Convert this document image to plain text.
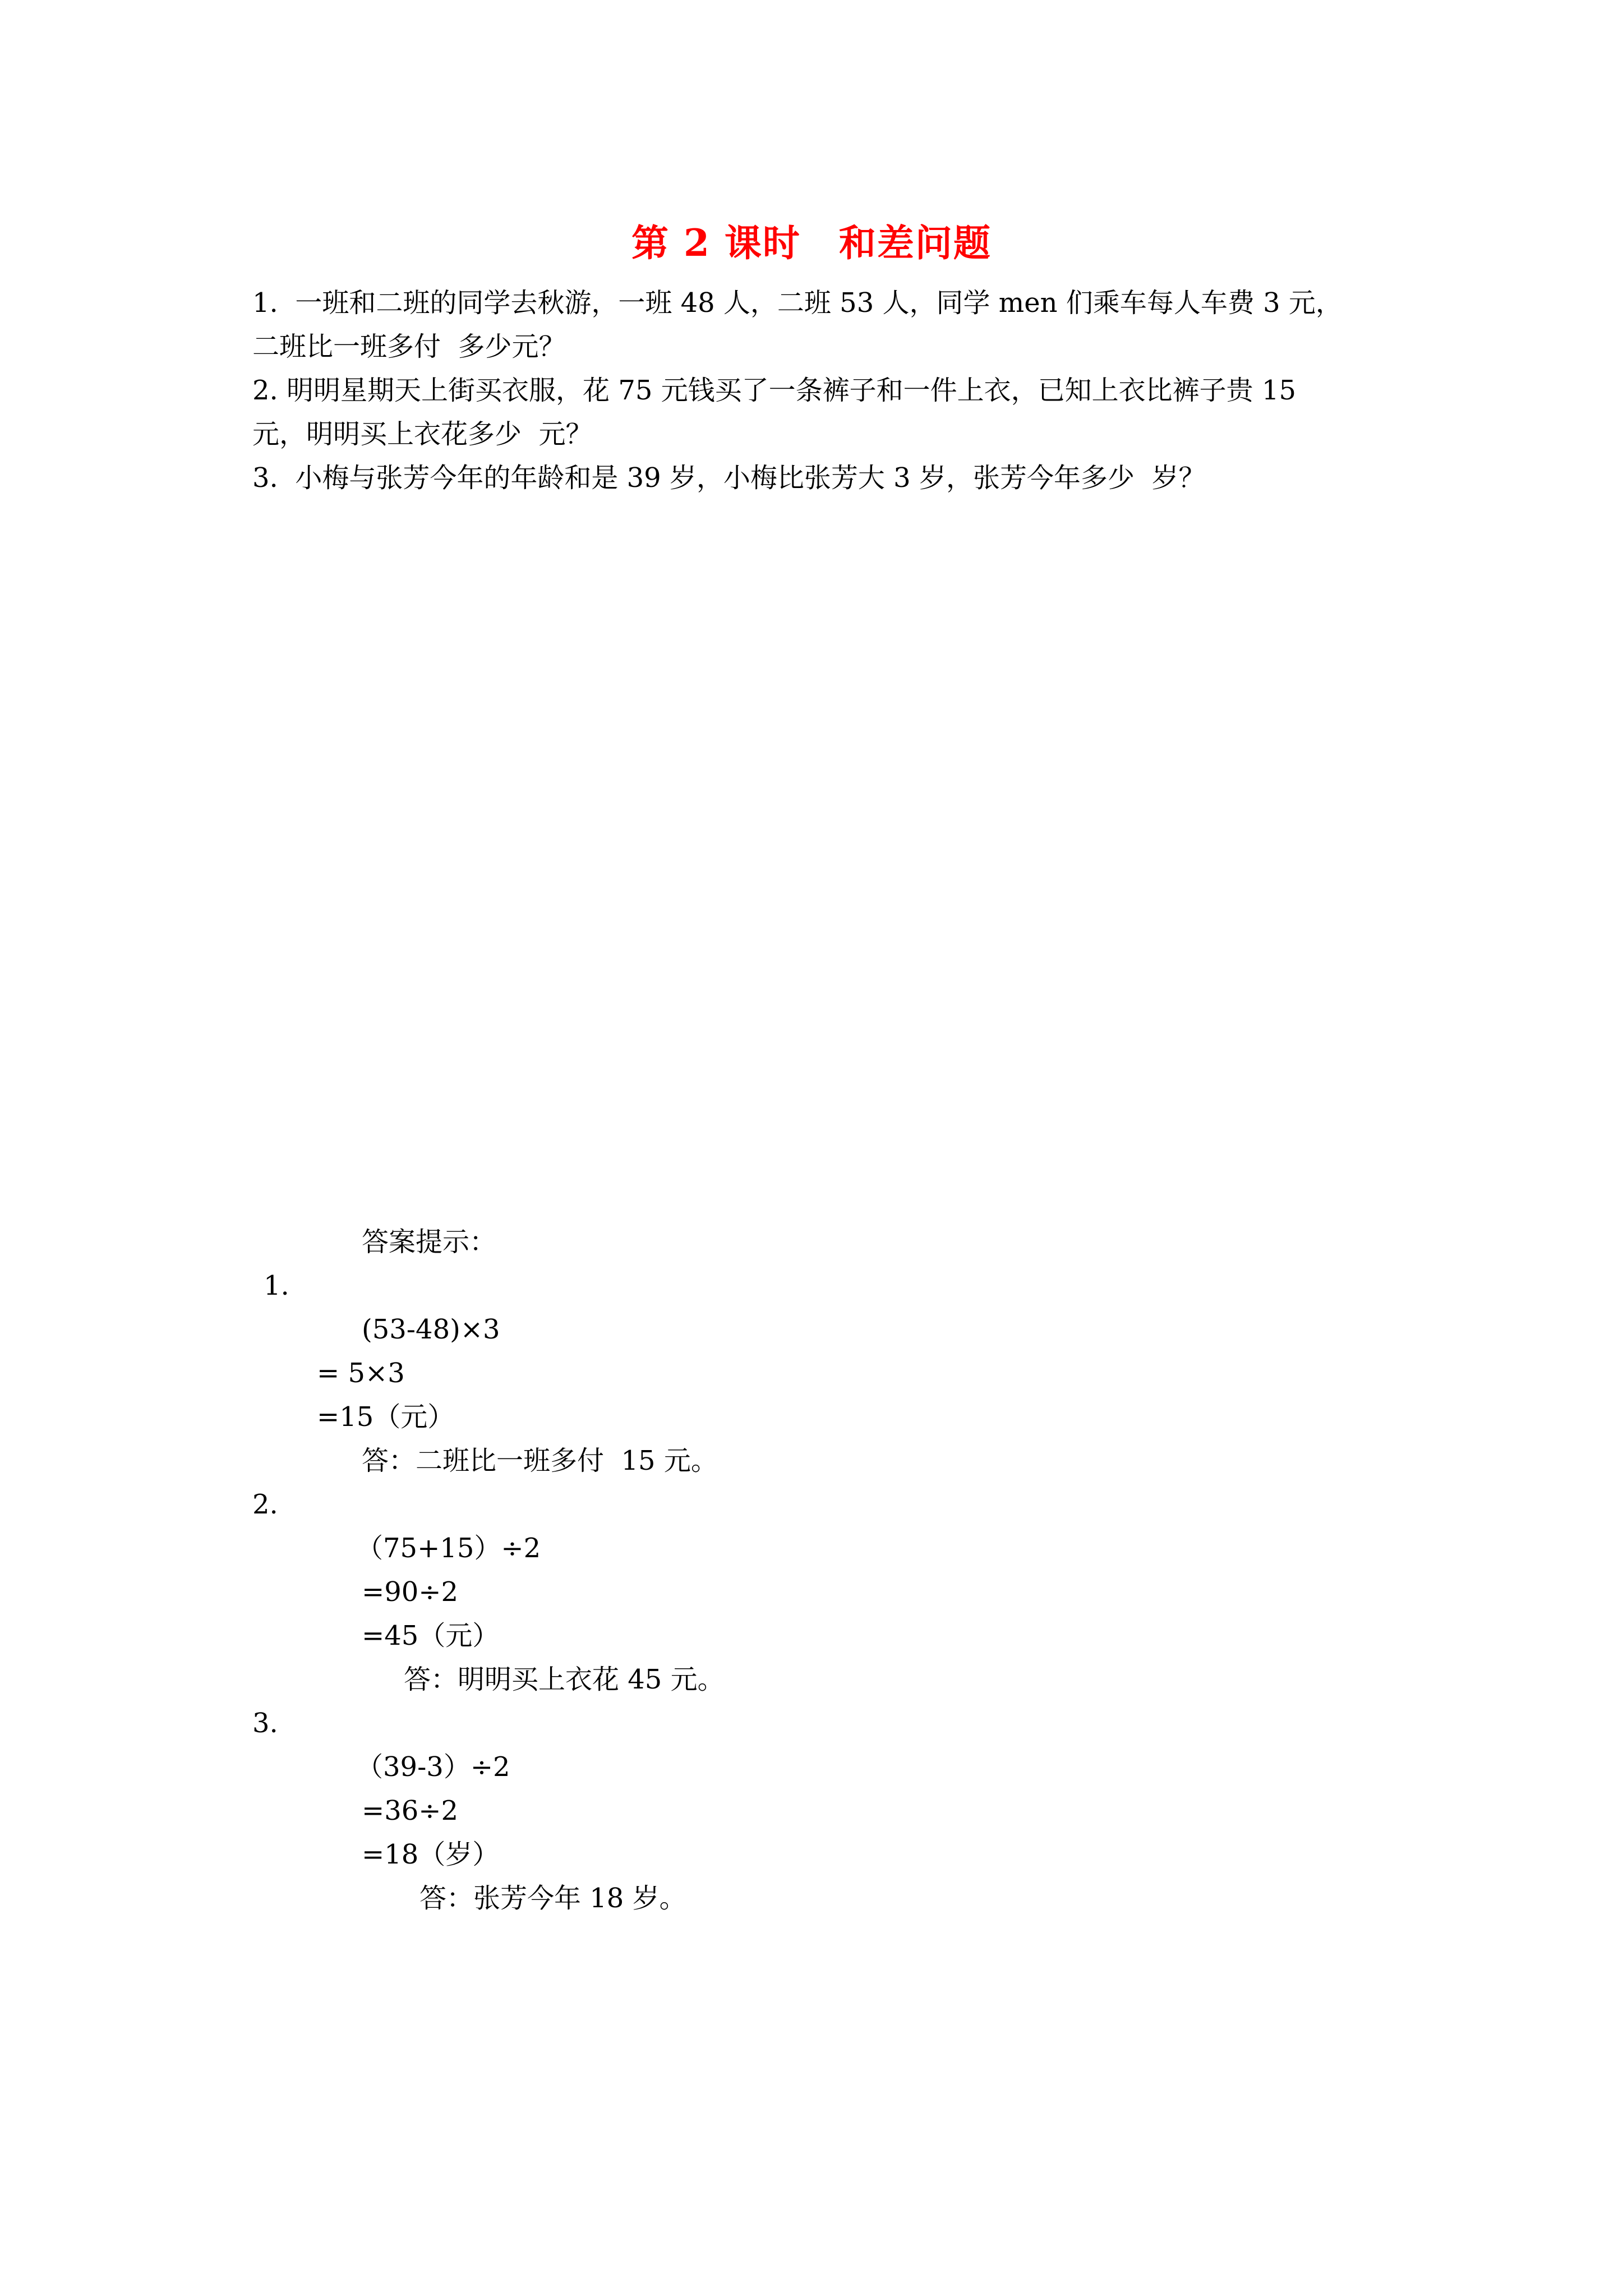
第 2 课时　和差问题
1.  一班和二班的同学去秋游，一班 48 人，二班 53 人，同学 men 们乘车每人车费 3 元，
二班比一班多付  多少元？
2. 明明星期天上街买衣服，花 75 元钱买了一条裤子和一件上衣，已知上衣比裤子贵 15
元，明明买上衣花多少  元？
3.  小梅与张芳今年的年龄和是 39 岁，小梅比张芳大 3 岁，张芳今年多少  岁？
答案提示：
1.
(53-48)×3
= 5×3
=15（元）
答：二班比一班多付  15 元。
2.
（75+15）÷2
=90÷2
=45（元）
答：明明买上衣花 45 元。
3.
（39-3）÷2
=36÷2
=18（岁）
答：张芳今年 18 岁。
